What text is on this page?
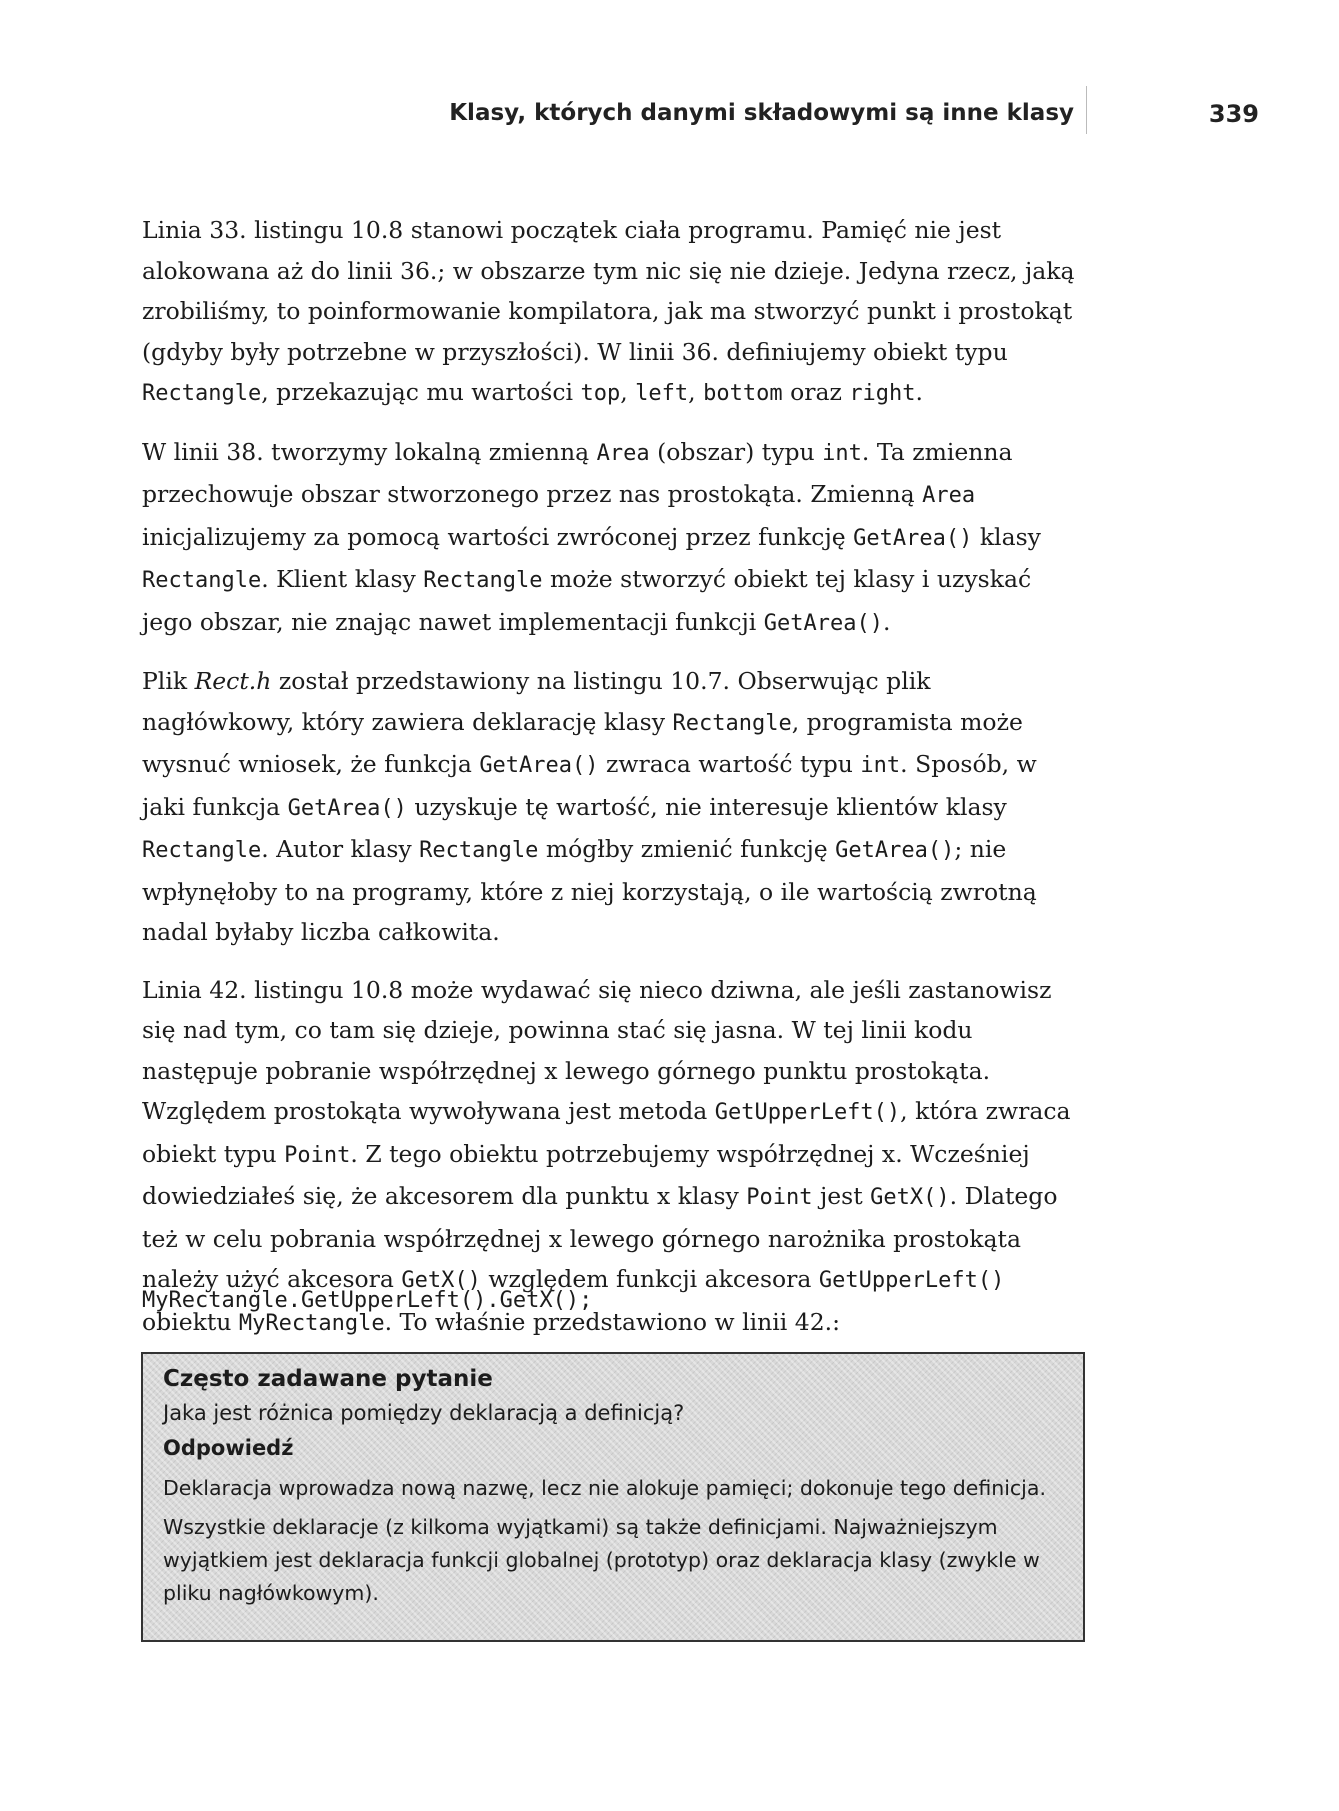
Klasy, których danymi składowymi są inne klasy	339

Linia 33. listingu 10.8 stanowi początek ciała programu. Pamięć nie jest alokowana aż do linii 36.; w obszarze tym nic się nie dzieje. Jedyna rzecz, jaką zrobiliśmy, to poinformowanie kompilatora, jak ma stworzyć punkt i prostokąt (gdyby były potrzebne w przyszłości). W linii 36. definiujemy obiekt typu Rectangle, przekazując mu wartości top, left, bottom oraz right.

W linii 38. tworzymy lokalną zmienną Area (obszar) typu int. Ta zmienna przechowuje obszar stworzonego przez nas prostokąta. Zmienną Area inicjalizujemy za pomocą wartości zwróconej przez funkcję GetArea() klasy Rectangle. Klient klasy Rectangle może stworzyć obiekt tej klasy i uzyskać jego obszar, nie znając nawet implementacji funkcji GetArea().

Plik Rect.h został przedstawiony na listingu 10.7. Obserwując plik nagłówkowy, który zawiera deklarację klasy Rectangle, programista może wysnuć wniosek, że funkcja GetArea() zwraca wartość typu int. Sposób, w jaki funkcja GetArea() uzyskuje tę wartość, nie interesuje klientów klasy Rectangle. Autor klasy Rectangle mógłby zmienić funkcję GetArea(); nie wpłynęłoby to na programy, które z niej korzystają, o ile wartością zwrotną nadal byłaby liczba całkowita.

Linia 42. listingu 10.8 może wydawać się nieco dziwna, ale jeśli zastanowisz się nad tym, co tam się dzieje, powinna stać się jasna. W tej linii kodu następuje pobranie współrzędnej x lewego górnego punktu prostokąta. Względem prostokąta wywoływana jest metoda GetUpperLeft(), która zwraca obiekt typu Point. Z tego obiektu potrzebujemy współrzędnej x. Wcześniej dowiedziałeś się, że akcesorem dla punktu x klasy Point jest GetX(). Dlatego też w celu pobrania współrzędnej x lewego górnego narożnika prostokąta należy użyć akcesora GetX() względem funkcji akcesora GetUpperLeft() obiektu MyRectangle. To właśnie przedstawiono w linii 42.:

MyRectangle.GetUpperLeft().GetX();

Często zadawane pytanie

Jaka jest różnica pomiędzy deklaracją a definicją?

Odpowiedź

Deklaracja wprowadza nową nazwę, lecz nie alokuje pamięci; dokonuje tego definicja.

Wszystkie deklaracje (z kilkoma wyjątkami) są także definicjami. Najważniejszym wyjątkiem jest deklaracja funkcji globalnej (prototyp) oraz deklaracja klasy (zwykle w pliku nagłówkowym).
